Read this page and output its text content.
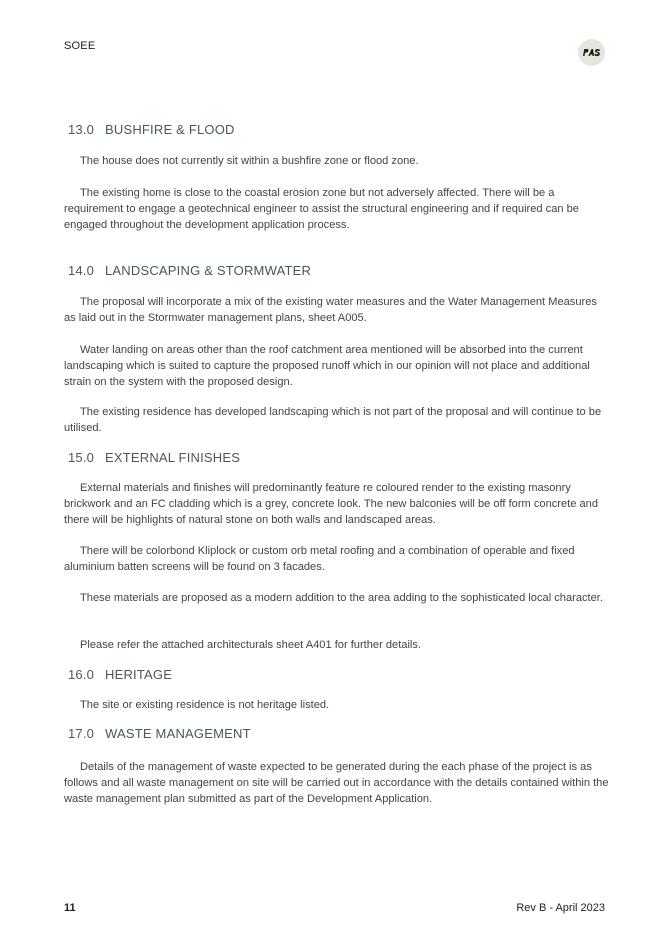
SOEE
13.0 BUSHFIRE & FLOOD

The house does not currently sit within a bushfire zone or flood zone.

The existing home is close to the coastal erosion zone but not adversely affected. There will be a requirement to engage a geotechnical engineer to assist the structural engineering and if required can be engaged throughout the development application process.

14.0 LANDSCAPING & STORMWATER

The proposal will incorporate a mix of the existing water measures and the Water Management Measures as laid out in the Stormwater management plans, sheet A005.

Water landing on areas other than the roof catchment area mentioned will be absorbed into the current landscaping which is suited to capture the proposed runoff which in our opinion will not place and additional strain on the system with the proposed design.

The existing residence has developed landscaping which is not part of the proposal and will continue to be utilised.

15.0 EXTERNAL FINISHES

External materials and finishes will predominantly feature re coloured render to the existing masonry brickwork and an FC cladding which is a grey, concrete look. The new balconies will be off form concrete and there will be highlights of natural stone on both walls and landscaped areas.

There will be colorbond Kliplock or custom orb metal roofing and a combination of operable and fixed aluminium batten screens will be found on 3 facades.

These materials are proposed as a modern addition to the area adding to the sophisticated local character.

Please refer the attached architecturals sheet A401 for further details.

16.0 HERITAGE

The site or existing residence is not heritage listed.

17.0 WASTE MANAGEMENT

Details of the management of waste expected to be generated during the each phase of the project is as follows and all waste management on site will be carried out in accordance with the details contained within the waste management plan submitted as part of the Development Application.

11	Rev B - April 2023
